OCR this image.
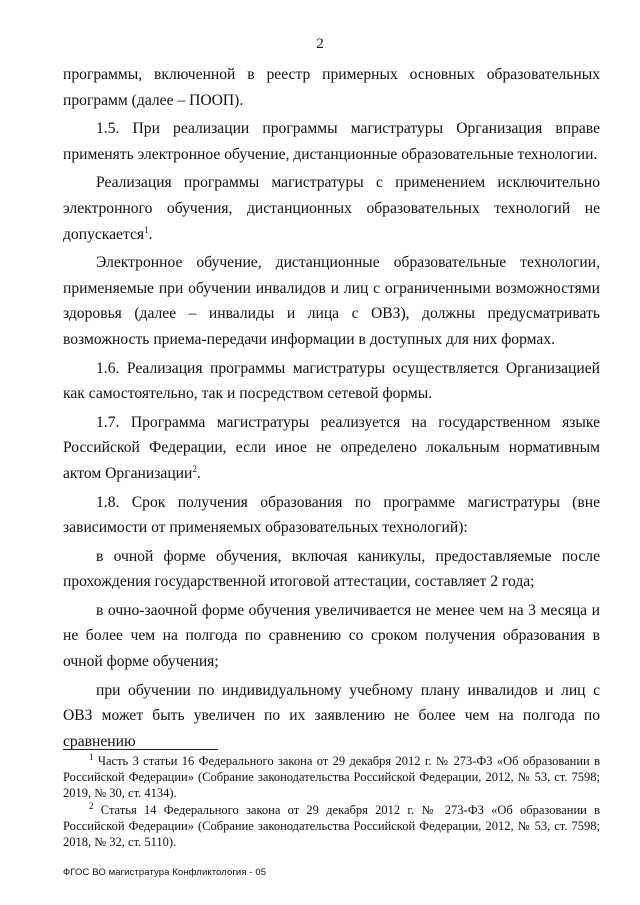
2

программы, включенной в реестр примерных основных образовательных программ (далее – ПООП).

1.5. При реализации программы магистратуры Организация вправе применять электронное обучение, дистанционные образовательные технологии.

Реализация программы магистратуры с применением исключительно электронного обучения, дистанционных образовательных технологий не допускается$^1$.

Электронное обучение, дистанционные образовательные технологии, применяемые при обучении инвалидов и лиц с ограниченными возможностями здоровья (далее – инвалиды и лица с ОВЗ), должны предусматривать возможность приема-передачи информации в доступных для них формах.

1.6. Реализация программы магистратуры осуществляется Организацией как самостоятельно, так и посредством сетевой формы.

1.7. Программа магистратуры реализуется на государственном языке Российской Федерации, если иное не определено локальным нормативным актом Организации$^2$.

1.8. Срок получения образования по программе магистратуры (вне зависимости от применяемых образовательных технологий):

в очной форме обучения, включая каникулы, предоставляемые после прохождения государственной итоговой аттестации, составляет 2 года;

в очно-заочной форме обучения увеличивается не менее чем на 3 месяца и не более чем на полгода по сравнению со сроком получения образования в очной форме обучения;

при обучении по индивидуальному учебному плану инвалидов и лиц с ОВЗ может быть увеличен по их заявлению не более чем на полгода по сравнению

$^1$ Часть 3 статьи 16 Федерального закона от 29 декабря 2012 г. № 273-ФЗ «Об образовании в Российской Федерации» (Собрание законодательства Российской Федерации, 2012, № 53, ст. 7598; 2019, № 30, ст. 4134).

$^2$ Статья 14 Федерального закона от 29 декабря 2012 г. № 273-ФЗ «Об образовании в Российской Федерации» (Собрание законодательства Российской Федерации, 2012, № 53, ст. 7598; 2018, № 32, ст. 5110).

ФГОС ВО магистратура Конфликтология - 05
